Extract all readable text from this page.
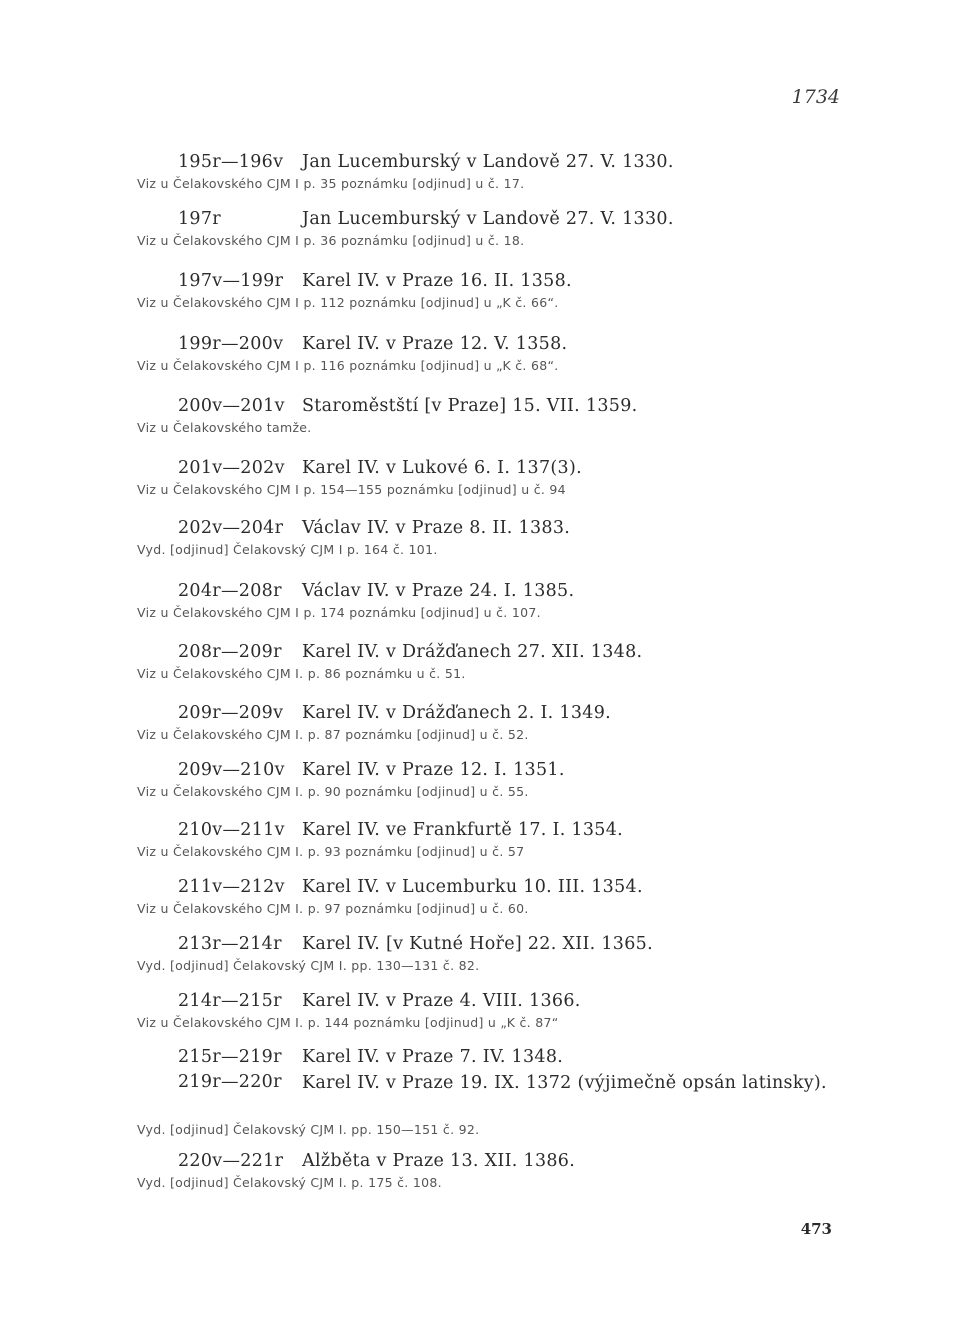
1734
195r—196v Jan Lucemburský v Landově 27. V. 1330.
Viz u Čelakovského CJM I p. 35 poznámku [odjinud] u č. 17.
197r	Jan Lucemburský v Landově 27. V. 1330.
Viz u Čelakovského CJM I p. 36 poznámku [odjinud] u č. 18.
197v—199r Karel IV. v Praze 16. II. 1358.
Viz u Čelakovského CJM I p. 112 poznámku [odjinud] u „K č. 66“.
199r—200v Karel IV. v Praze 12. V. 1358.
Viz u Čelakovského CJM I p. 116 poznámku [odjinud] u „K č. 68“.
200v—201v Staroměstští [v Praze] 15. VII. 1359.
Viz u Čelakovského tamže.
201v—202v Karel IV. v Lukové 6. I. 137(3).
Viz u Čelakovského CJM I p. 154—155 poznámku [odjinud] u č. 94
202v—204r Václav IV. v Praze 8. II. 1383.
Vyd. [odjinud] Čelakovský CJM I p. 164 č. 101.
204r—208r Václav IV. v Praze 24. I. 1385.
Viz u Čelakovského CJM I p. 174 poznámku [odjinud] u č. 107.
208r—209r Karel IV. v Drážďanech 27. XII. 1348.
Viz u Čelakovského CJM I. p. 86 poznámku u č. 51.
209r—209v Karel IV. v Drážďanech 2. I. 1349.
Viz u Čelakovského CJM I. p. 87 poznámku [odjinud] u č. 52.
209v—210v Karel IV. v Praze 12. I. 1351.
Viz u Čelakovského CJM I. p. 90 poznámku [odjinud] u č. 55.
210v—211v Karel IV. ve Frankfurtě 17. I. 1354.
Viz u Čelakovského CJM I. p. 93 poznámku [odjinud] u č. 57
211v—212v Karel IV. v Lucemburku 10. III. 1354.
Viz u Čelakovského CJM I. p. 97 poznámku [odjinud] u č. 60.
213r—214r Karel IV. [v Kutné Hoře] 22. XII. 1365.
Vyd. [odjinud] Čelakovský CJM I. pp. 130—131 č. 82.
214r—215r Karel IV. v Praze 4. VIII. 1366.
Viz u Čelakovského CJM I. p. 144 poznámku [odjinud] u „K č. 87“
215r—219r Karel IV. v Praze 7. IV. 1348.
219r—220r Karel IV. v Praze 19. IX. 1372 (výjimečně opsán latinsky).
Vyd. [odjinud] Čelakovský CJM I. pp. 150—151 č. 92.
220v—221r Alžběta v Praze 13. XII. 1386.
Vyd. [odjinud] Čelakovský CJM I. p. 175 č. 108.
473
